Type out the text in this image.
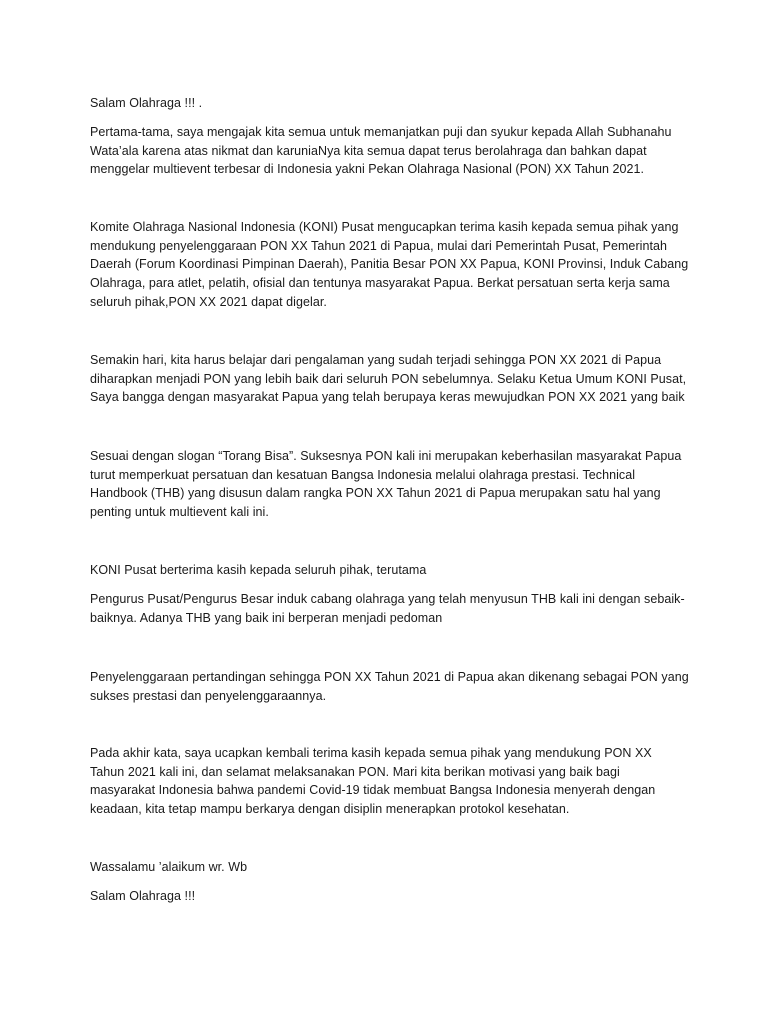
Salam Olahraga !!! .

Pertama-tama, saya mengajak kita semua untuk memanjatkan puji dan syukur kepada Allah Subhanahu
Wata’ala karena atas nikmat dan karuniaNya kita semua dapat terus berolahraga dan bahkan dapat
menggelar multievent terbesar di Indonesia yakni Pekan Olahraga Nasional (PON) XX Tahun 2021.

Komite Olahraga Nasional Indonesia (KONI) Pusat mengucapkan terima kasih kepada semua pihak yang
mendukung penyelenggaraan PON XX Tahun 2021 di Papua, mulai dari Pemerintah Pusat, Pemerintah
Daerah (Forum Koordinasi Pimpinan Daerah), Panitia Besar PON XX Papua, KONI Provinsi, Induk Cabang
Olahraga, para atlet, pelatih, ofisial dan tentunya masyarakat Papua. Berkat persatuan serta kerja sama
seluruh pihak,PON XX 2021 dapat digelar.

Semakin hari, kita harus belajar dari pengalaman yang sudah terjadi sehingga PON XX 2021 di Papua
diharapkan menjadi PON yang lebih baik dari seluruh PON sebelumnya. Selaku Ketua Umum KONI Pusat,
Saya bangga dengan masyarakat Papua yang telah berupaya keras mewujudkan PON XX 2021 yang baik

Sesuai dengan slogan “Torang Bisa”. Suksesnya PON kali ini merupakan keberhasilan masyarakat Papua
turut memperkuat persatuan dan kesatuan Bangsa Indonesia melalui olahraga prestasi. Technical
Handbook (THB) yang disusun dalam rangka PON XX Tahun 2021 di Papua merupakan satu hal yang
penting untuk multievent kali ini.

KONI Pusat berterima kasih kepada seluruh pihak, terutama

Pengurus Pusat/Pengurus Besar induk cabang olahraga yang telah menyusun THB kali ini dengan sebaik-
baiknya. Adanya THB yang baik ini berperan menjadi pedoman

Penyelenggaraan pertandingan sehingga PON XX Tahun 2021 di Papua akan dikenang sebagai PON yang
sukses prestasi dan penyelenggaraannya.

Pada akhir kata, saya ucapkan kembali terima kasih kepada semua pihak yang mendukung PON XX
Tahun 2021 kali ini, dan selamat melaksanakan PON. Mari kita berikan motivasi yang baik bagi
masyarakat Indonesia bahwa pandemi Covid-19 tidak membuat Bangsa Indonesia menyerah dengan
keadaan, kita tetap mampu berkarya dengan disiplin menerapkan protokol kesehatan.

Wassalamu ’alaikum wr. Wb

Salam Olahraga !!!
